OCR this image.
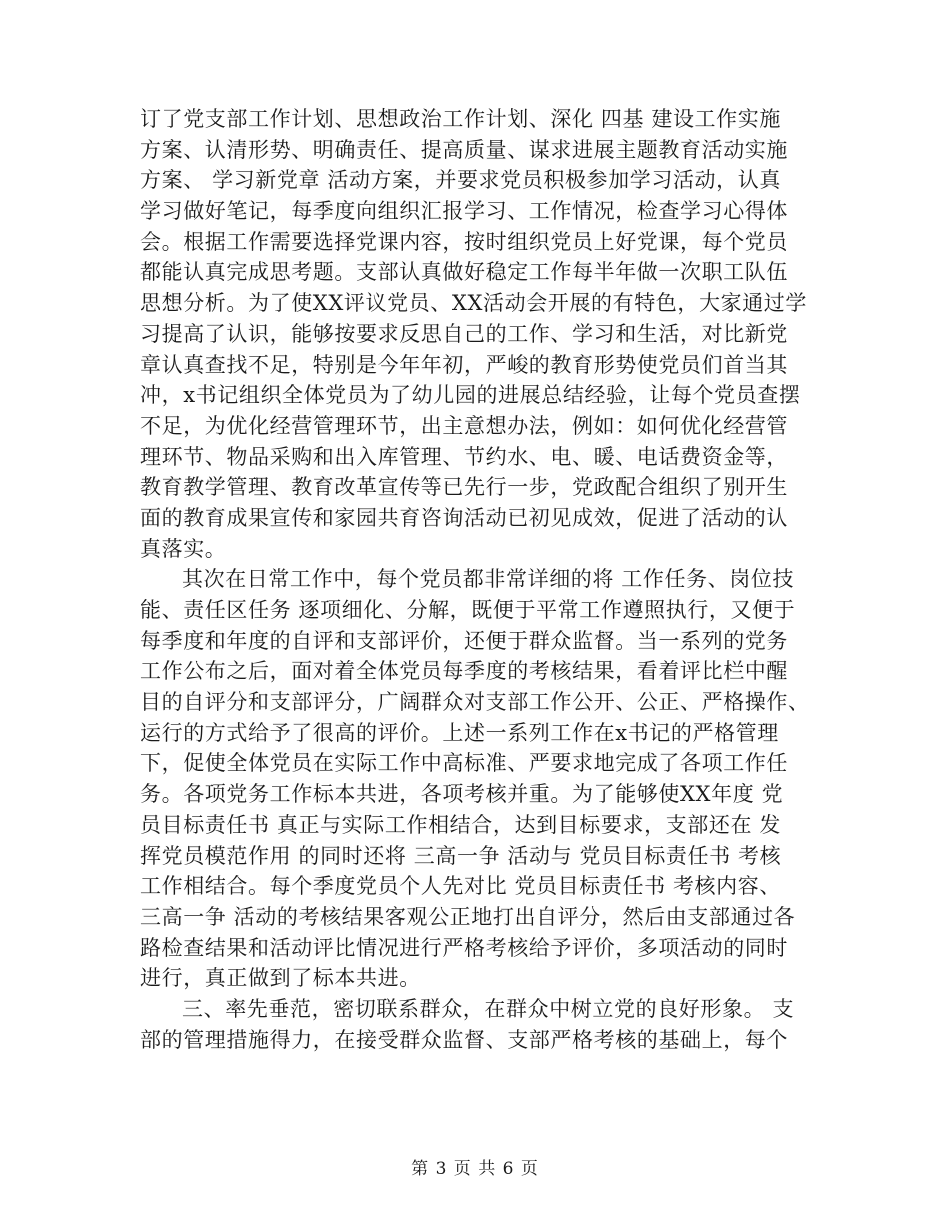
订了党支部工作计划、思想政治工作计划、深化 四基 建设工作实施
方案、认清形势、明确责任、提高质量、谋求进展主题教育活动实施
方案、 学习新党章 活动方案，并要求党员积极参加学习活动，认真
学习做好笔记，每季度向组织汇报学习、工作情况，检查学习心得体
会。根据工作需要选择党课内容，按时组织党员上好党课，每个党员
都能认真完成思考题。支部认真做好稳定工作每半年做一次职工队伍
思想分析。为了使XX评议党员、XX活动会开展的有特色，大家通过学
习提高了认识，能够按要求反思自己的工作、学习和生活，对比新党
章认真查找不足，特别是今年年初，严峻的教育形势使党员们首当其
冲，x书记组织全体党员为了幼儿园的进展总结经验，让每个党员查摆
不足，为优化经营管理环节，出主意想办法，例如：如何优化经营管
理环节、物品采购和出入库管理、节约水、电、暖、电话费资金等，
教育教学管理、教育改革宣传等已先行一步，党政配合组织了别开生
面的教育成果宣传和家园共育咨询活动已初见成效，促进了活动的认
真落实。
其次在日常工作中，每个党员都非常详细的将 工作任务、岗位技
能、责任区任务 逐项细化、分解，既便于平常工作遵照执行，又便于
每季度和年度的自评和支部评价，还便于群众监督。当一系列的党务
工作公布之后，面对着全体党员每季度的考核结果，看着评比栏中醒
目的自评分和支部评分，广阔群众对支部工作公开、公正、严格操作、
运行的方式给予了很高的评价。上述一系列工作在x书记的严格管理
下，促使全体党员在实际工作中高标准、严要求地完成了各项工作任
务。各项党务工作标本共进，各项考核并重。为了能够使XX年度 党
员目标责任书 真正与实际工作相结合，达到目标要求，支部还在 发
挥党员模范作用 的同时还将 三高一争 活动与 党员目标责任书 考核
工作相结合。每个季度党员个人先对比 党员目标责任书 考核内容、
三高一争 活动的考核结果客观公正地打出自评分，然后由支部通过各
路检查结果和活动评比情况进行严格考核给予评价，多项活动的同时
进行，真正做到了标本共进。
三、率先垂范，密切联系群众，在群众中树立党的良好形象。 支
部的管理措施得力，在接受群众监督、支部严格考核的基础上，每个
第 3 页 共 6 页
